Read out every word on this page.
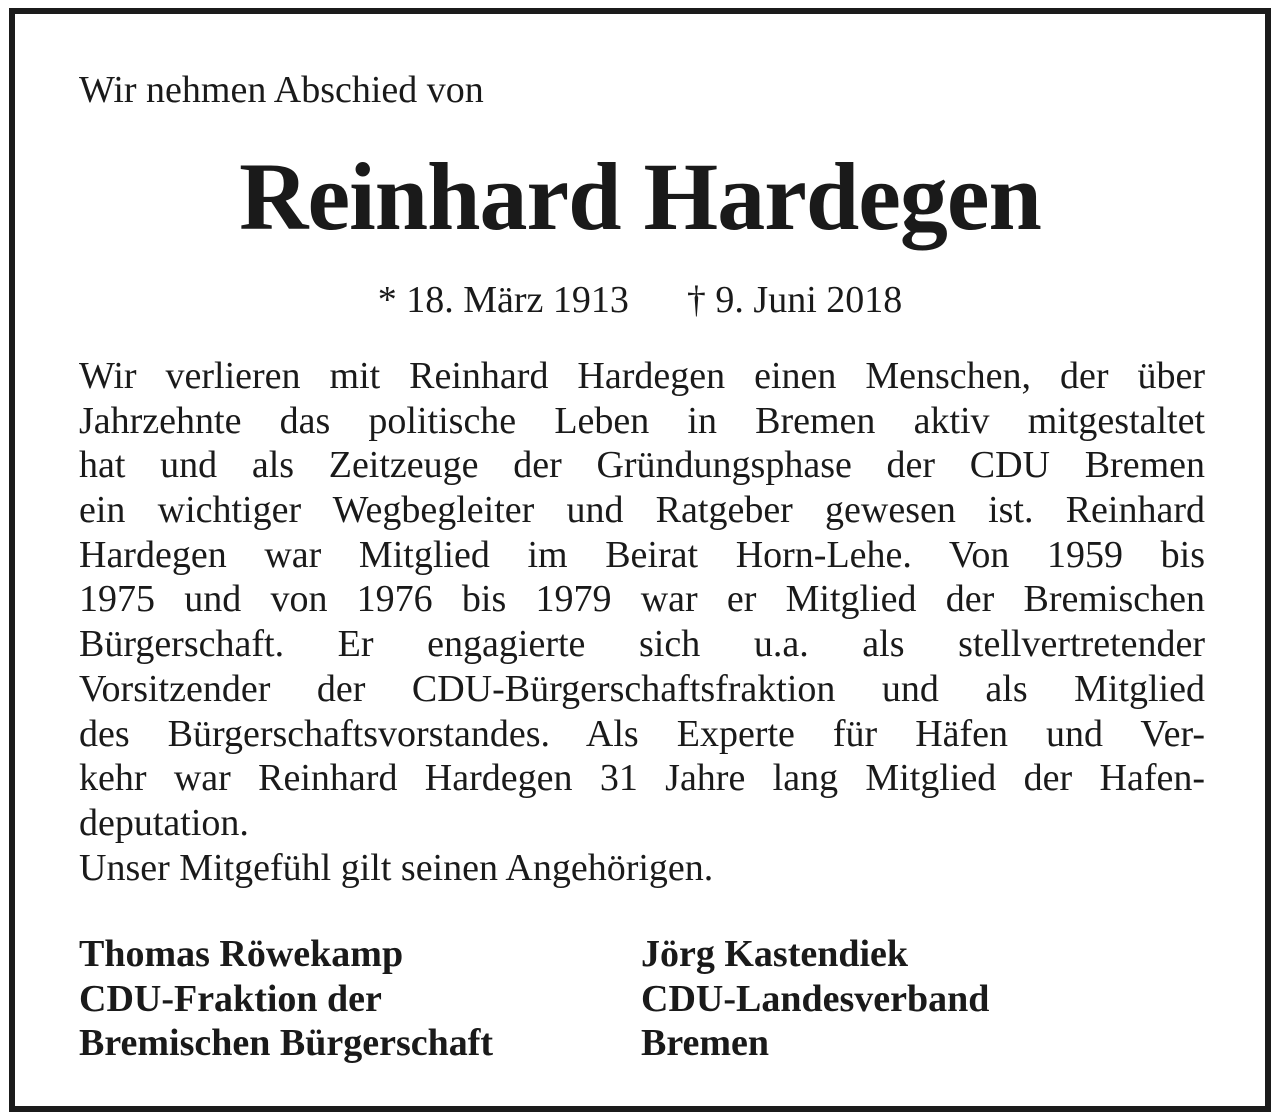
Wir nehmen Abschied von

Reinhard Hardegen
* 18. März 1913 † 9. Juni 2018
Wir verlieren mit Reinhard Hardegen einen Menschen, der über
Jahrzehnte das politische Leben in Bremen aktiv mitgestaltet
hat und als Zeitzeuge der Gründungsphase der CDU Bremen
ein wichtiger Wegbegleiter und Ratgeber gewesen ist. Reinhard
Hardegen war Mitglied im Beirat Horn-Lehe. Von 1959 bis
1975 und von 1976 bis 1979 war er Mitglied der Bremischen
Bürgerschaft. Er engagierte sich u.a. als stellvertretender
Vorsitzender der CDU-Bürgerschaftsfraktion und als Mitglied
des Bürgerschaftsvorstandes. Als Experte für Häfen und Ver-
kehr war Reinhard Hardegen 31 Jahre lang Mitglied der Hafen-
deputation.
Unser Mitgefühl gilt seinen Angehörigen.
Thomas Röwekamp
CDU-Fraktion der
Bremischen Bürgerschaft
Jörg Kastendiek
CDU-Landesverband
Bremen
